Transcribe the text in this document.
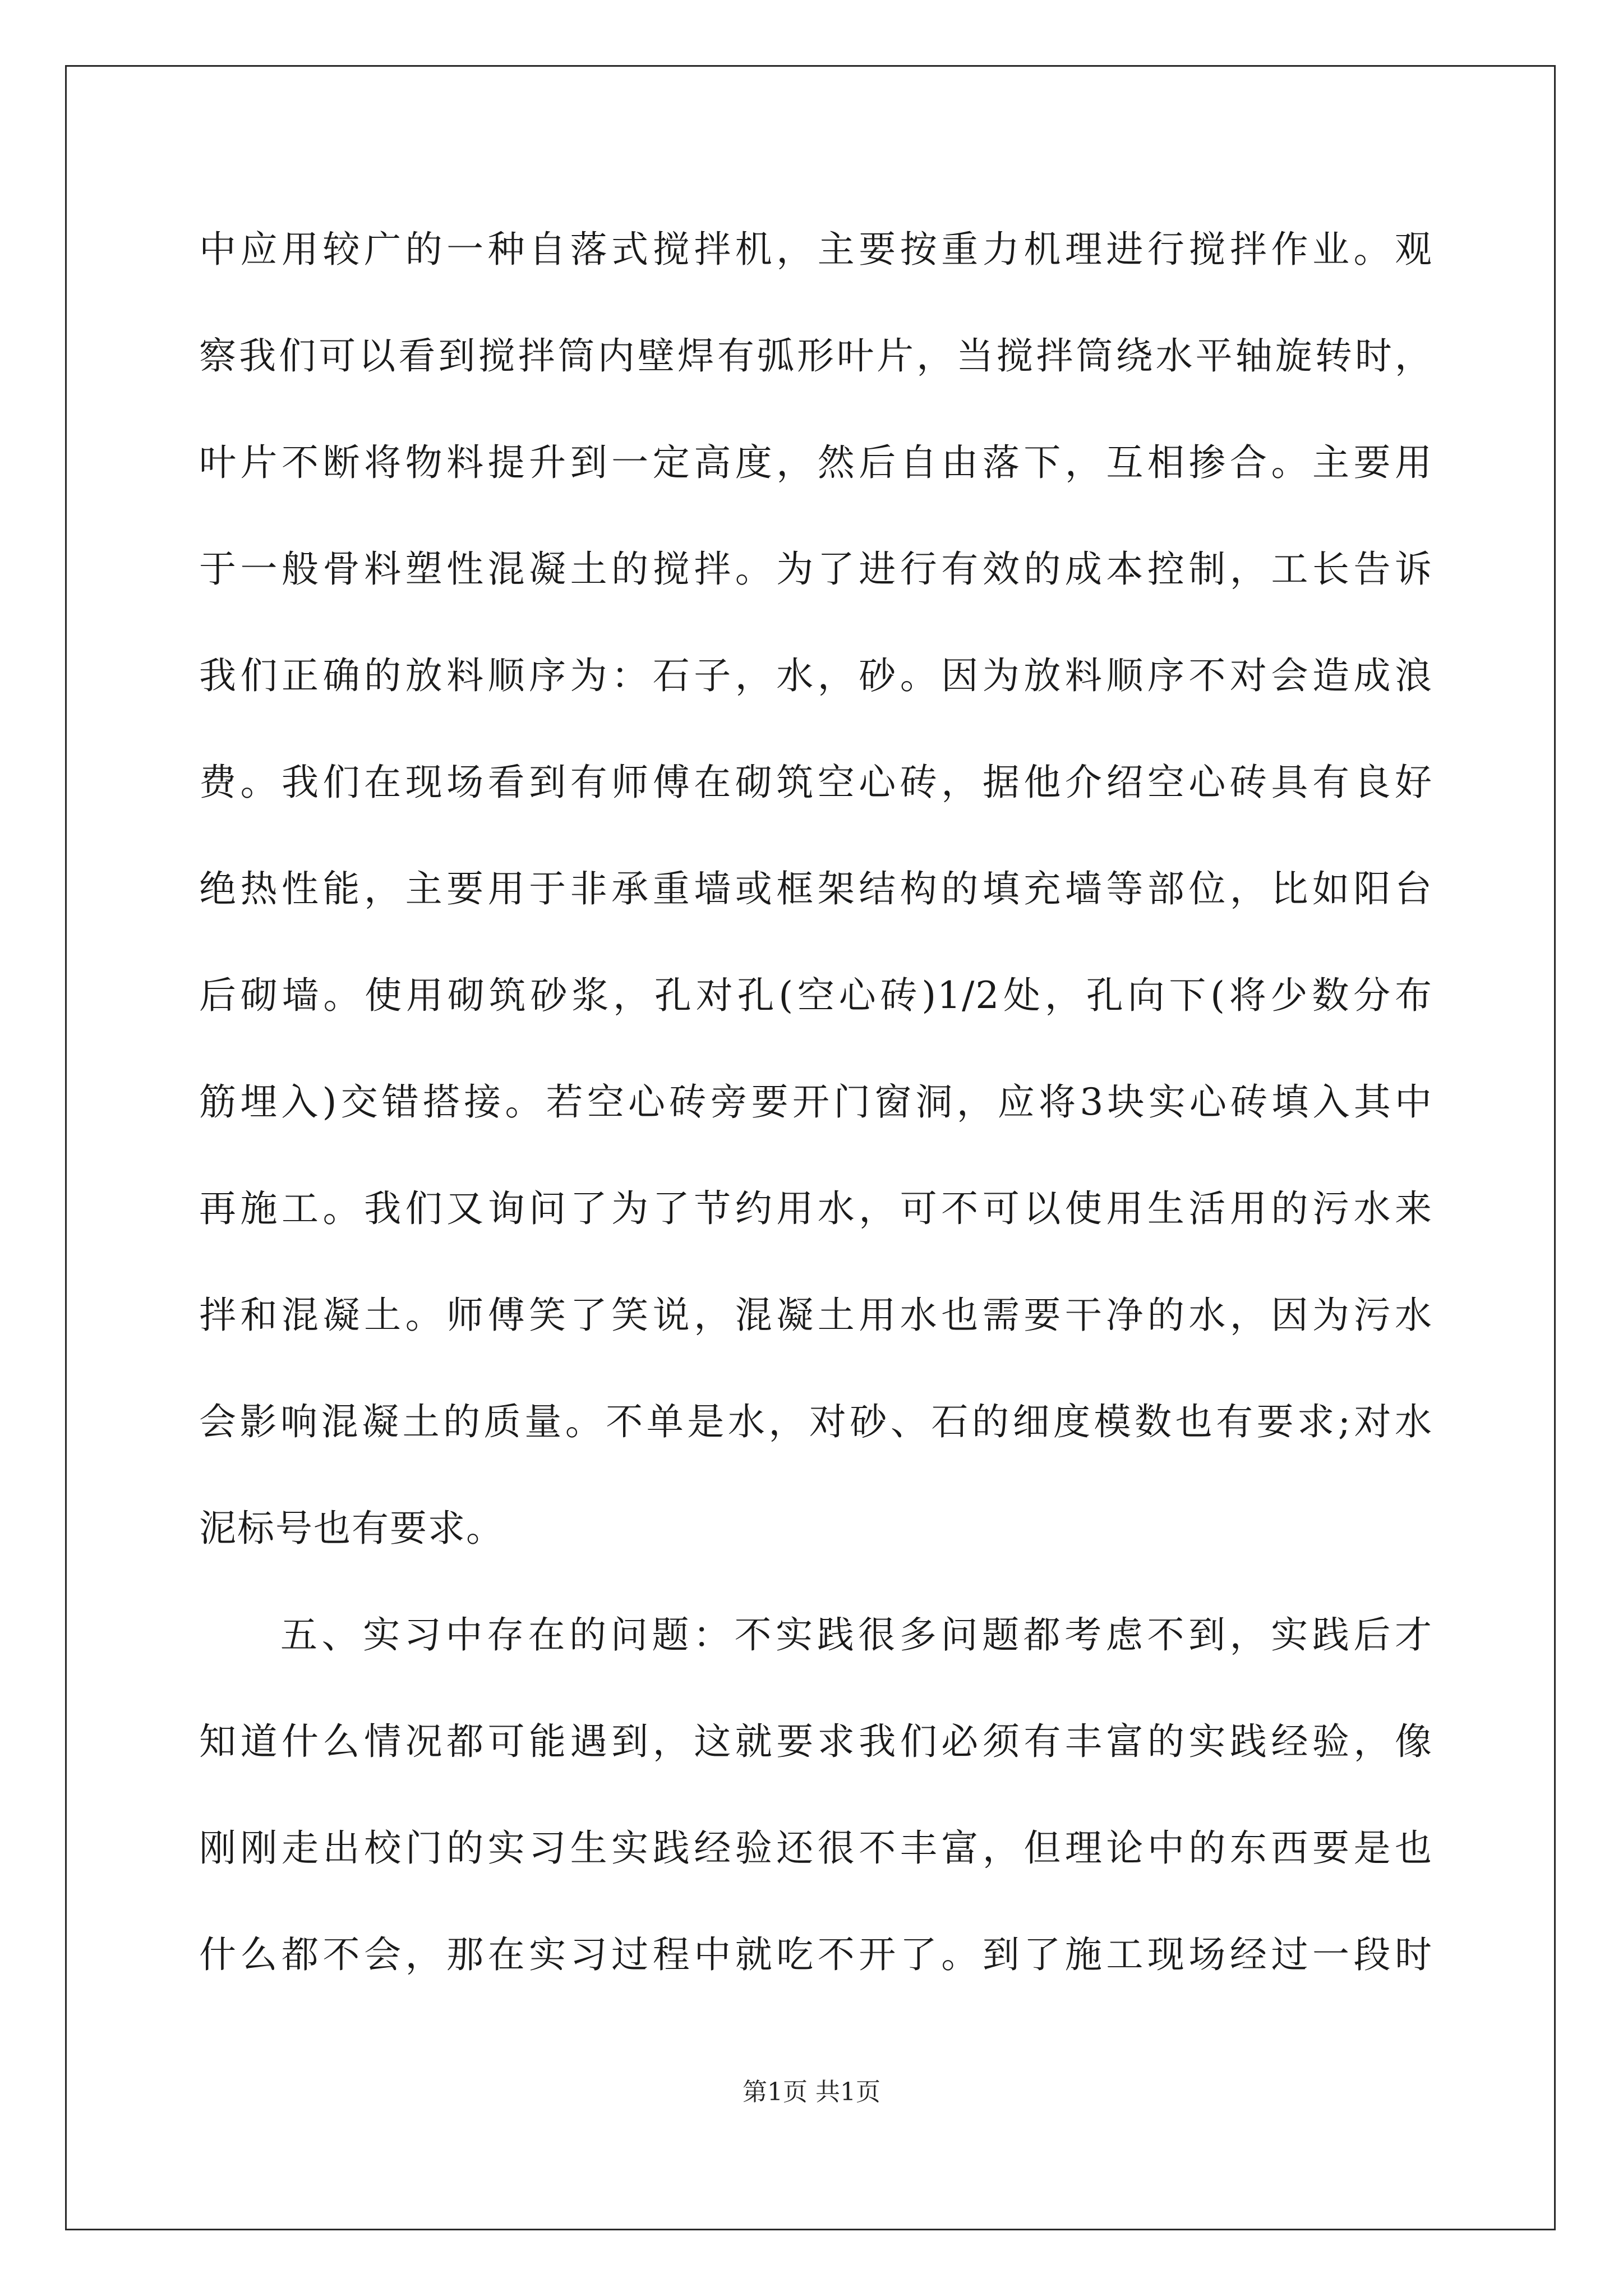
中应用较广的一种自落式搅拌机，主要按重力机理进行搅拌作业。观
察我们可以看到搅拌筒内壁焊有弧形叶片，当搅拌筒绕水平轴旋转时，
叶片不断将物料提升到一定高度，然后自由落下，互相掺合。主要用
于一般骨料塑性混凝土的搅拌。为了进行有效的成本控制，工长告诉
我们正确的放料顺序为：石子，水，砂。因为放料顺序不对会造成浪
费。我们在现场看到有师傅在砌筑空心砖，据他介绍空心砖具有良好
绝热性能，主要用于非承重墙或框架结构的填充墙等部位，比如阳台
后砌墙。使用砌筑砂浆，孔对孔(空心砖)1/2处，孔向下(将少数分布
筋埋入)交错搭接。若空心砖旁要开门窗洞，应将3块实心砖填入其中
再施工。我们又询问了为了节约用水，可不可以使用生活用的污水来
拌和混凝土。师傅笑了笑说，混凝土用水也需要干净的水，因为污水
会影响混凝土的质量。不单是水，对砂、石的细度模数也有要求;对水
泥标号也有要求。
五、实习中存在的问题：不实践很多问题都考虑不到，实践后才
知道什么情况都可能遇到，这就要求我们必须有丰富的实践经验，像
刚刚走出校门的实习生实践经验还很不丰富，但理论中的东西要是也
什么都不会，那在实习过程中就吃不开了。到了施工现场经过一段时
第1页 共1页
